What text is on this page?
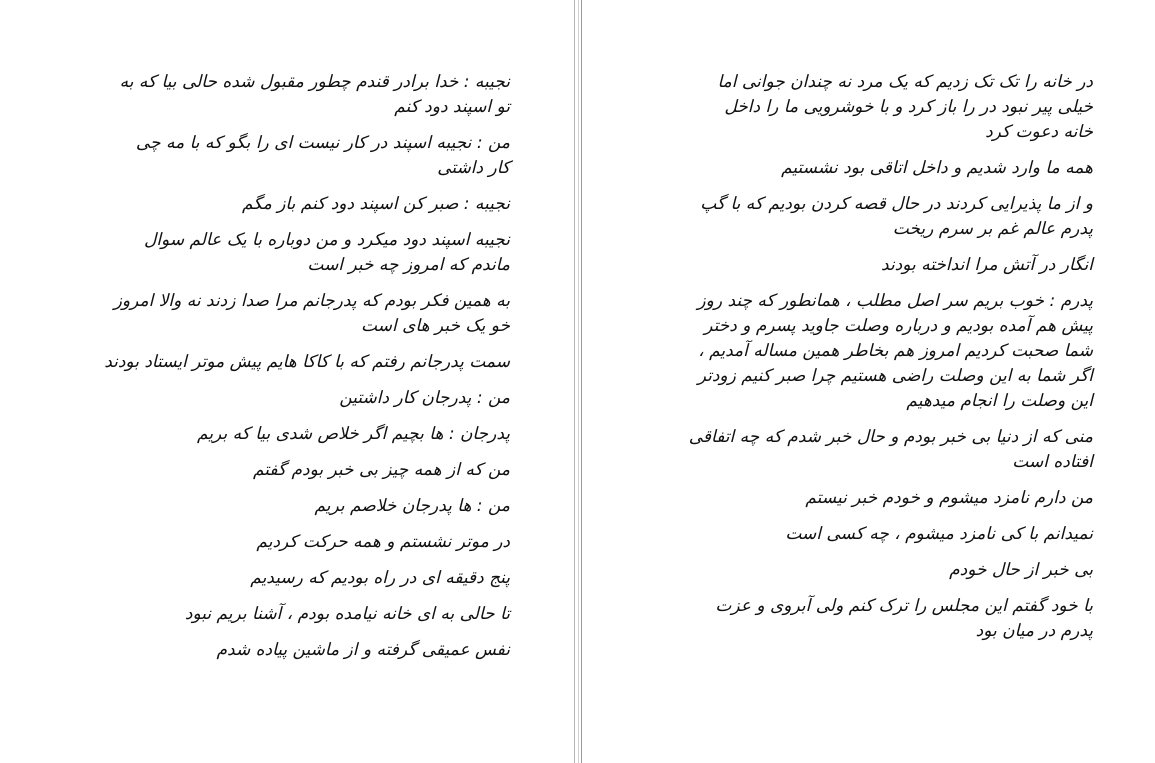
نجیبه : خدا برادر قندم چطور مقبول شده حالی بیا که به
تو اسپند دود کنم

من : نجیبه اسپند در کار نیست ای را بگو که با مه چی
کار داشتی

نجیبه : صبر کن اسپند دود کنم باز مگم

نجیبه اسپند دود میکرد و من دوباره با یک عالم سوال
ماندم که امروز چه خبر است

به همین فکر بودم که پدرجانم مرا صدا زدند نه والا امروز
خو یک خبر های است

سمت پدرجانم رفتم که با کاکا هایم پیش موتر ایستاد بودند

من : پدرجان کار داشتین

پدرجان : ها بچیم اگر خلاص شدی بیا که بریم

من که از همه چیز بی خبر بودم گفتم

من : ها پدرجان خلاصم بریم

در موتر نشستم و همه حرکت کردیم

پنج دقیقه ای در راه بودیم که رسیدیم

تا حالی به ای خانه نیامده بودم ، آشنا بریم نبود

نفس عمیقی گرفته و از ماشین پیاده شدم

در خانه را تک تک زدیم که یک مرد نه چندان جوانی اما
خیلی پیر نبود در را باز کرد و با خوشرویی ما را داخل
خانه دعوت کرد

همه ما وارد شدیم و داخل اتاقی بود نشستیم

و از ما پذیرایی کردند در حال قصه کردن بودیم که با گپ
پدرم عالم غم بر سرم ریخت

انگار در آتش مرا انداخته بودند

پدرم : خوب بریم سر اصل مطلب ، همانطور که چند روز
پیش هم آمده بودیم و درباره وصلت جاوید پسرم و دختر
شما صحبت کردیم امروز هم بخاطر همین مساله آمدیم ،
اگر شما به این وصلت راضی هستیم چرا صبر کنیم زودتر
این وصلت را انجام میدهیم

منی که از دنیا بی خبر بودم و حال خبر شدم که چه اتفاقی
افتاده است

من دارم نامزد میشوم و خودم خبر نیستم

نمیدانم با کی نامزد میشوم ، چه کسی است

بی خبر از حال خودم

با خود گفتم این مجلس را ترک کنم ولی آبروی و عزت
پدرم در میان بود
